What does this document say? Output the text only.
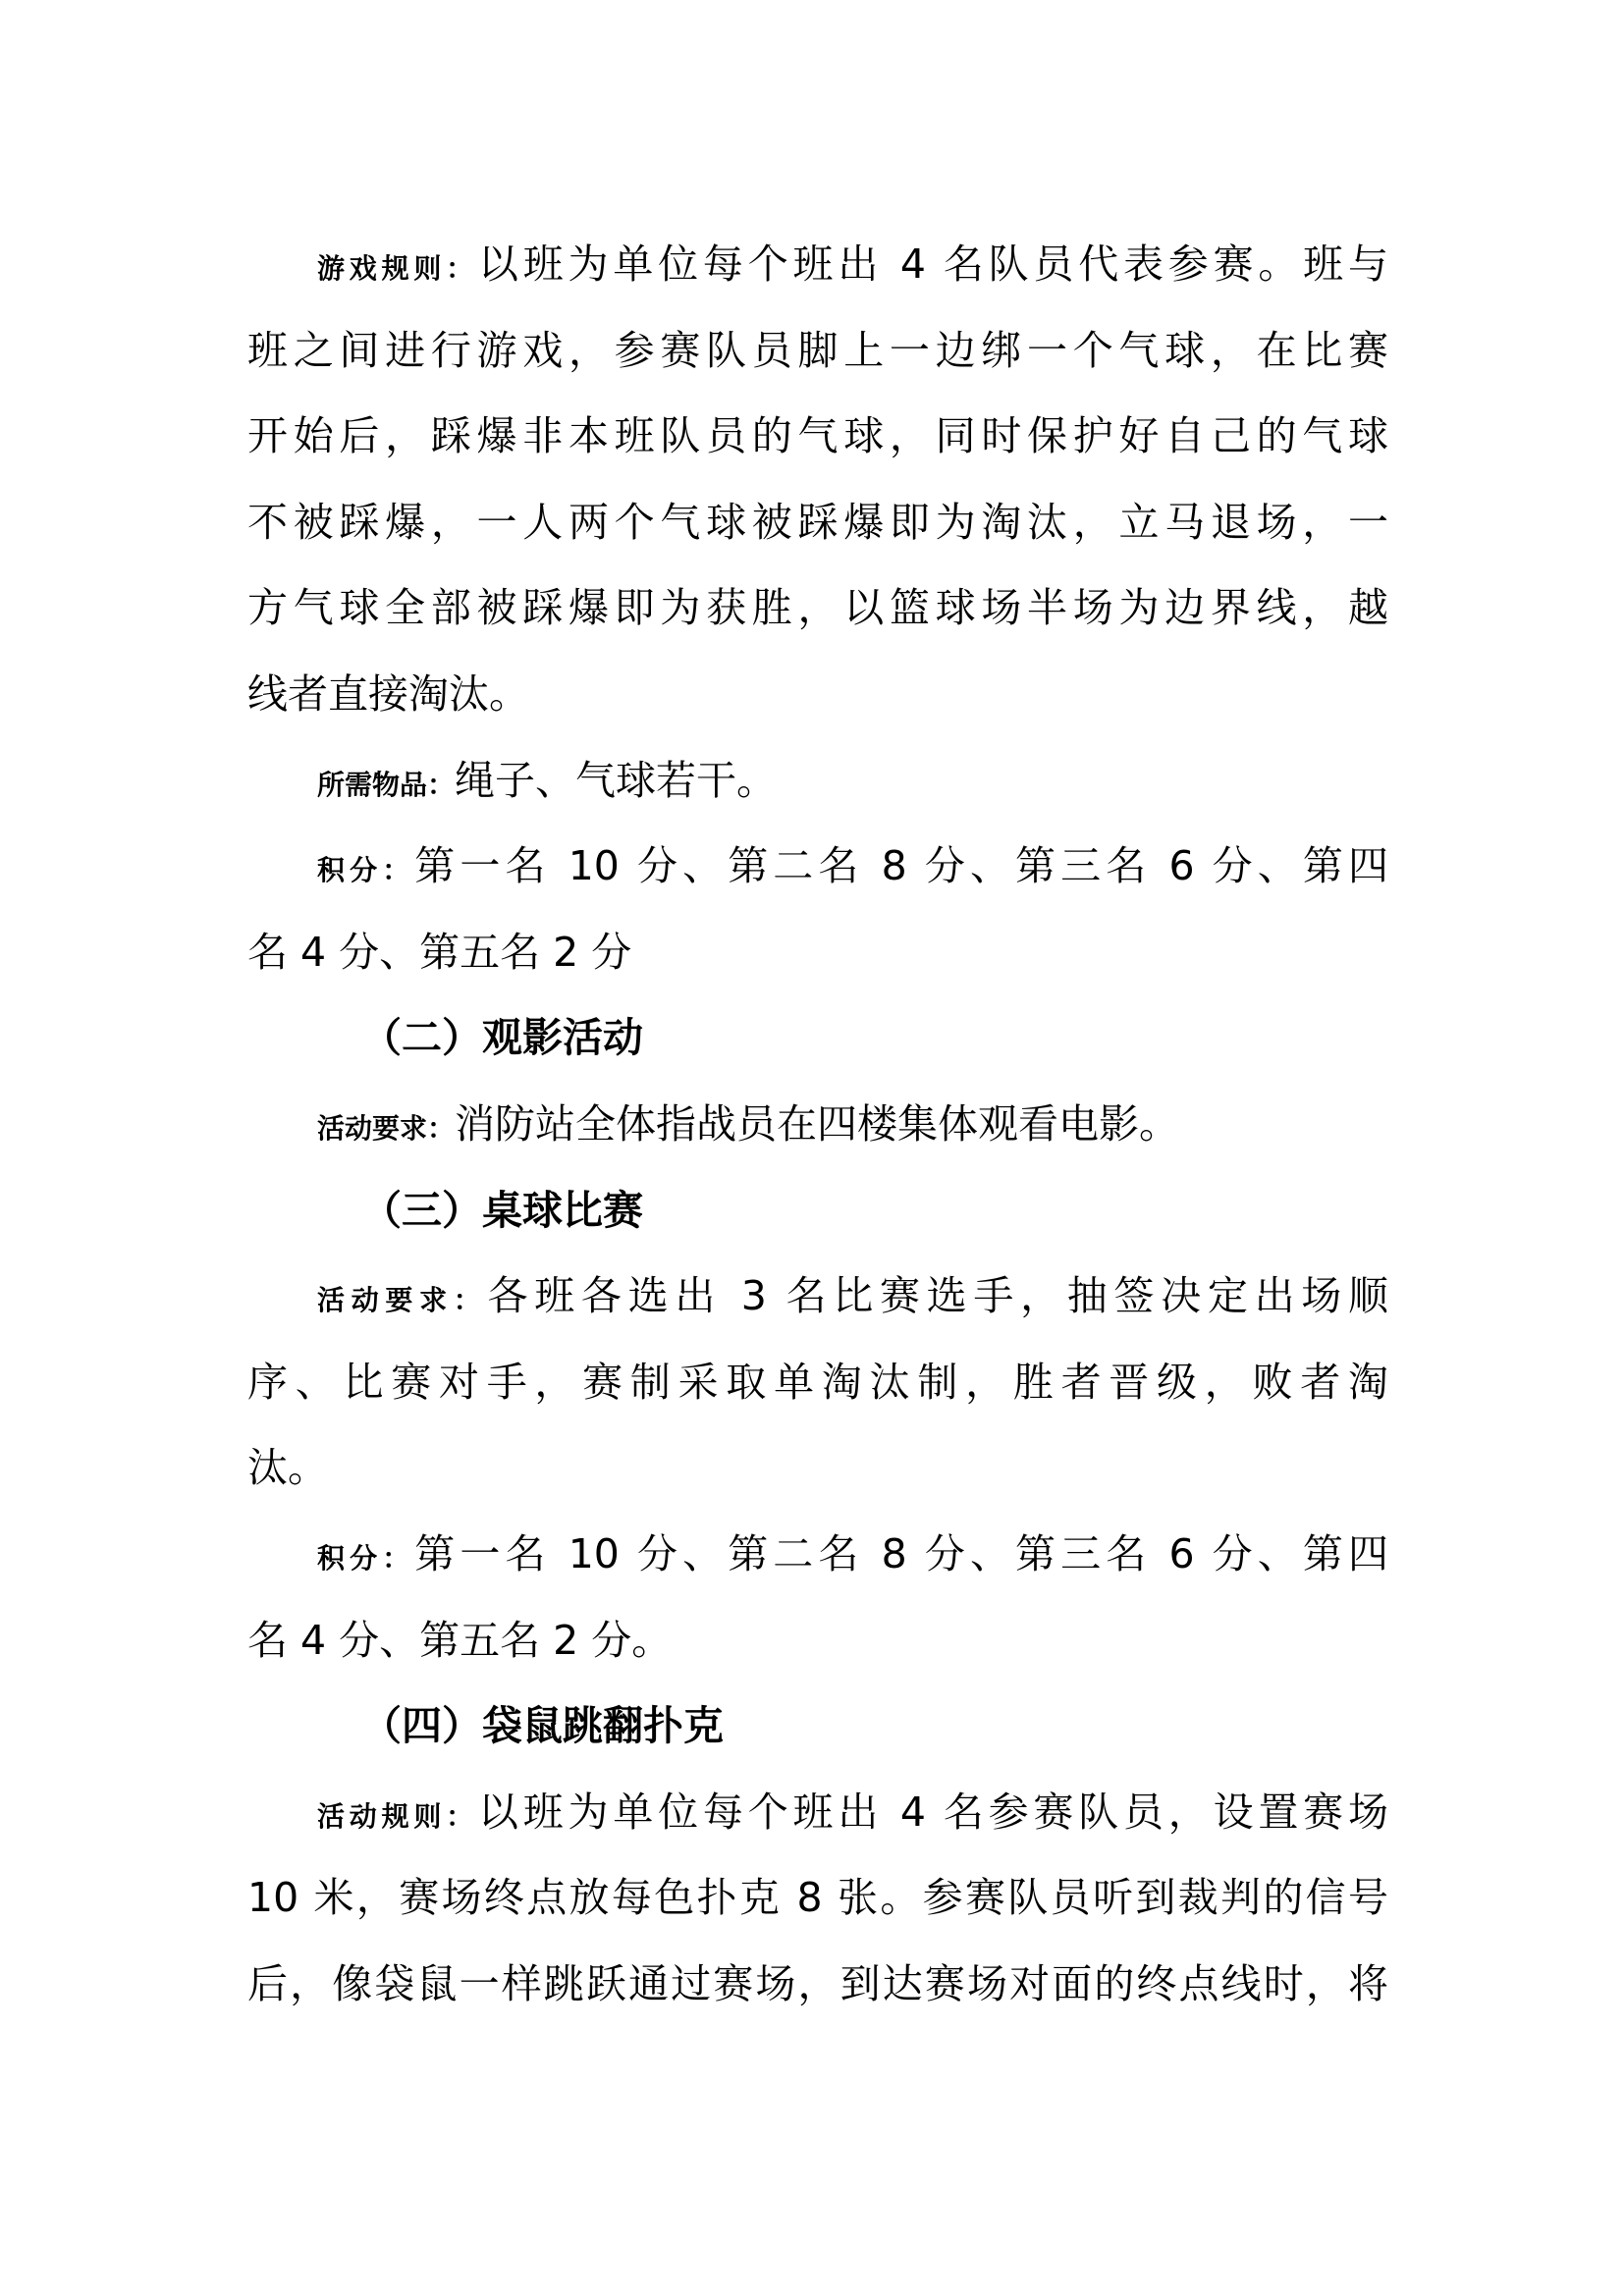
游戏规则：以班为单位每个班出 4 名队员代表参赛。班与
班之间进行游戏，参赛队员脚上一边绑一个气球，在比赛
开始后，踩爆非本班队员的气球，同时保护好自己的气球
不被踩爆，一人两个气球被踩爆即为淘汰，立马退场，一
方气球全部被踩爆即为获胜，以篮球场半场为边界线，越
线者直接淘汰。
所需物品：绳子、气球若干。
积分：第一名 10 分、第二名 8 分、第三名 6 分、第四
名 4 分、第五名 2 分
（二）观影活动
活动要求：消防站全体指战员在四楼集体观看电影。
（三）桌球比赛
活动要求：各班各选出 3 名比赛选手，抽签决定出场顺
序、比赛对手，赛制采取单淘汰制，胜者晋级，败者淘
汰。
积分：第一名 10 分、第二名 8 分、第三名 6 分、第四
名 4 分、第五名 2 分。
（四）袋鼠跳翻扑克
活动规则：以班为单位每个班出 4 名参赛队员，设置赛场
10 米，赛场终点放每色扑克 8 张。参赛队员听到裁判的信号
后，像袋鼠一样跳跃通过赛场，到达赛场对面的终点线时，将
